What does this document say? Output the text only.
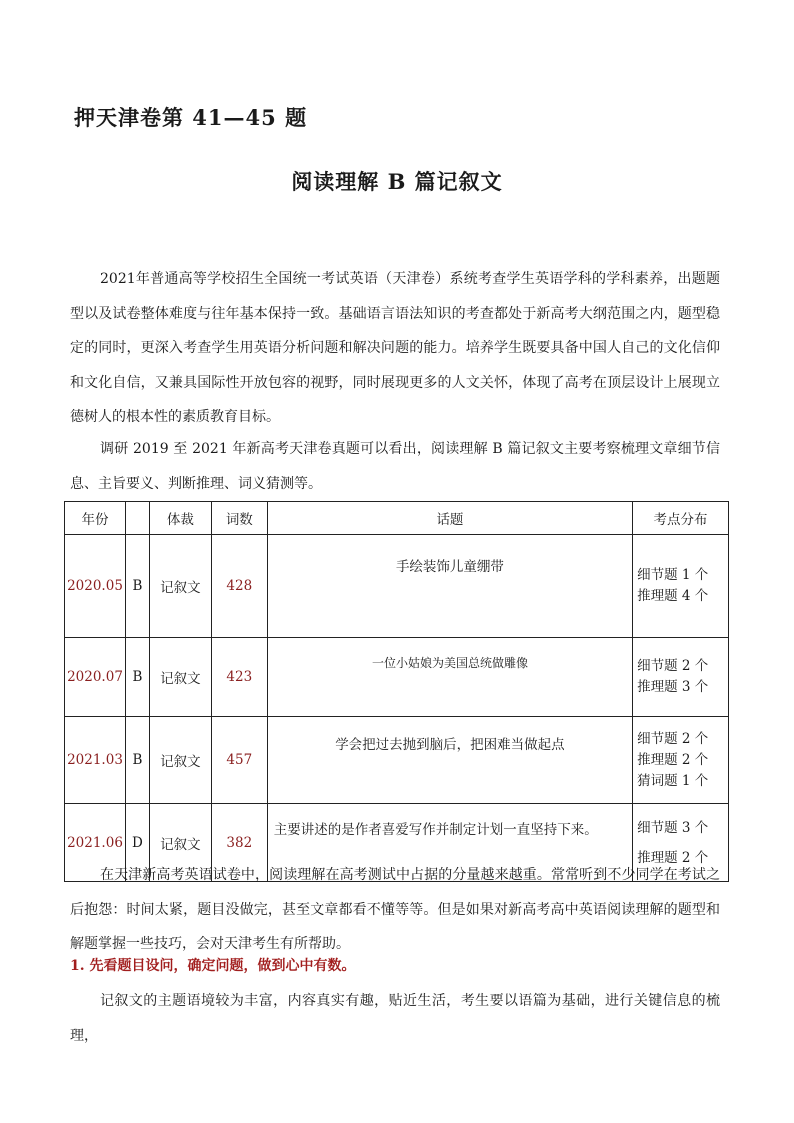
押天津卷第 41—45 题
阅读理解 B 篇记叙文

2021年普通高等学校招生全国统一考试英语（天津卷）系统考查学生英语学科的学科素养，出题题型以及试卷整体难度与往年基本保持一致。基础语言语法知识的考查都处于新高考大纲范围之内，题型稳定的同时，更深入考查学生用英语分析问题和解决问题的能力。培养学生既要具备中国人自己的文化信仰和文化自信，又兼具国际性开放包容的视野，同时展现更多的人文关怀，体现了高考在顶层设计上展现立德树人的根本性的素质教育目标。

调研 2019 至 2021 年新高考天津卷真题可以看出，阅读理解 B 篇记叙文主要考察梳理文章细节信息、主旨要义、判断推理、词义猜测等。

年份		体裁	词数	话题	考点分布
2020.05	B	记叙文	428	手绘装饰儿童绷带	细节题 1 个
推理题 4 个

2020.07	B	记叙文	423	一位小姑娘为美国总统做雕像	细节题 2 个
推理题 3 个

2021.03	B	记叙文	457	学会把过去抛到脑后，把困难当做起点	细节题 2 个
推理题 2 个
猜词题 1 个

2021.06	D	记叙文	382	主要讲述的是作者喜爱写作并制定计划一直坚持下来。	细节题 3 个
推理题 2 个

在天津新高考英语试卷中，阅读理解在高考测试中占据的分量越来越重。常常听到不少同学在考试之后抱怨：时间太紧，题目没做完，甚至文章都看不懂等等。但是如果对新高考高中英语阅读理解的题型和解题掌握一些技巧，会对天津考生有所帮助。

1. 先看题目设问，确定问题，做到心中有数。

记叙文的主题语境较为丰富，内容真实有趣，贴近生活，考生要以语篇为基础，进行关键信息的梳理，
